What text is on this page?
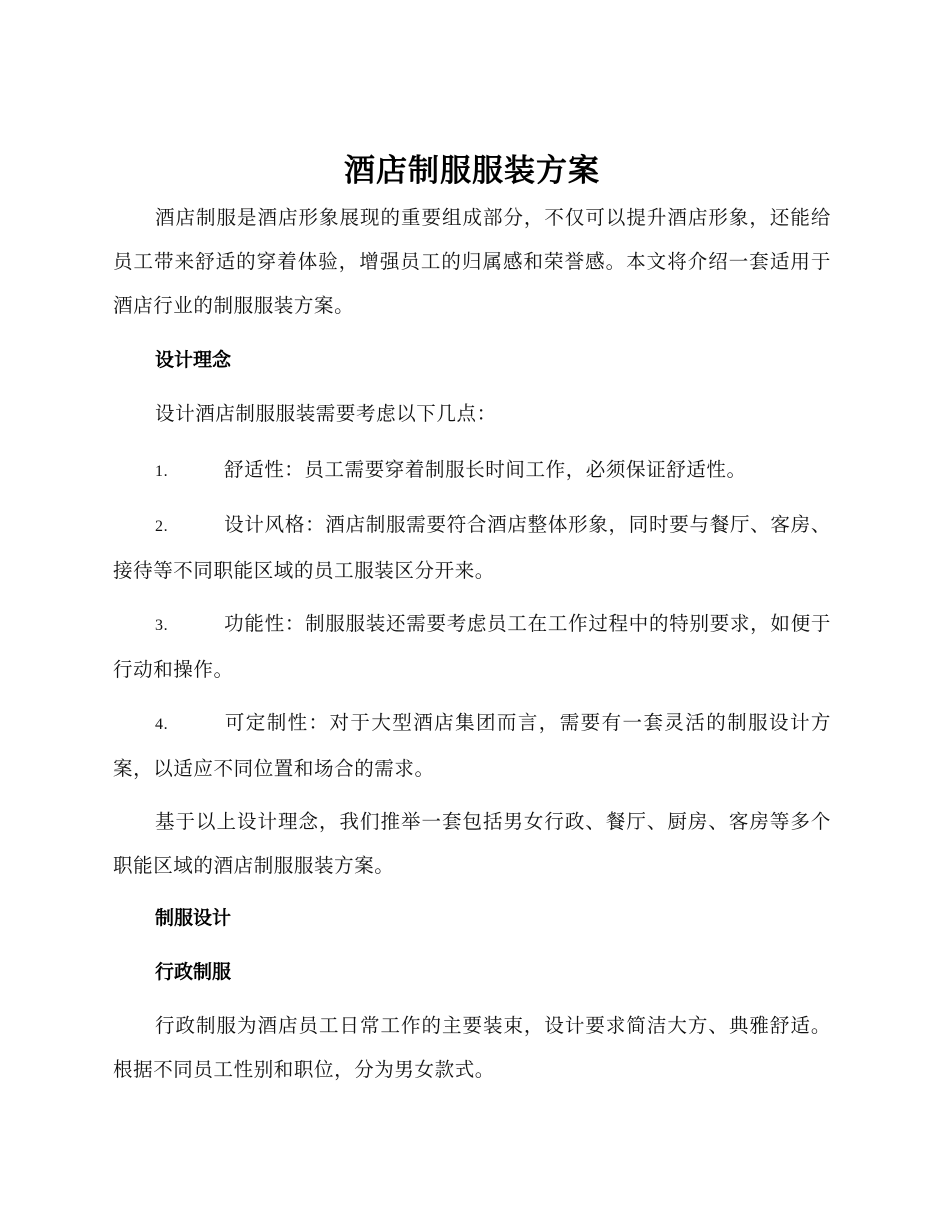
酒店制服服装方案

酒店制服是酒店形象展现的重要组成部分，不仅可以提升酒店形象，还能给员工带来舒适的穿着体验，增强员工的归属感和荣誉感。本文将介绍一套适用于酒店行业的制服服装方案。

设计理念

设计酒店制服服装需要考虑以下几点：

1.	舒适性：员工需要穿着制服长时间工作，必须保证舒适性。

2.	设计风格：酒店制服需要符合酒店整体形象，同时要与餐厅、客房、接待等不同职能区域的员工服装区分开来。

3.	功能性：制服服装还需要考虑员工在工作过程中的特别要求，如便于行动和操作。

4.	可定制性：对于大型酒店集团而言，需要有一套灵活的制服设计方案，以适应不同位置和场合的需求。

基于以上设计理念，我们推举一套包括男女行政、餐厅、厨房、客房等多个职能区域的酒店制服服装方案。

制服设计
行政制服

行政制服为酒店员工日常工作的主要装束，设计要求简洁大方、典雅舒适。根据不同员工性别和职位，分为男女款式。
